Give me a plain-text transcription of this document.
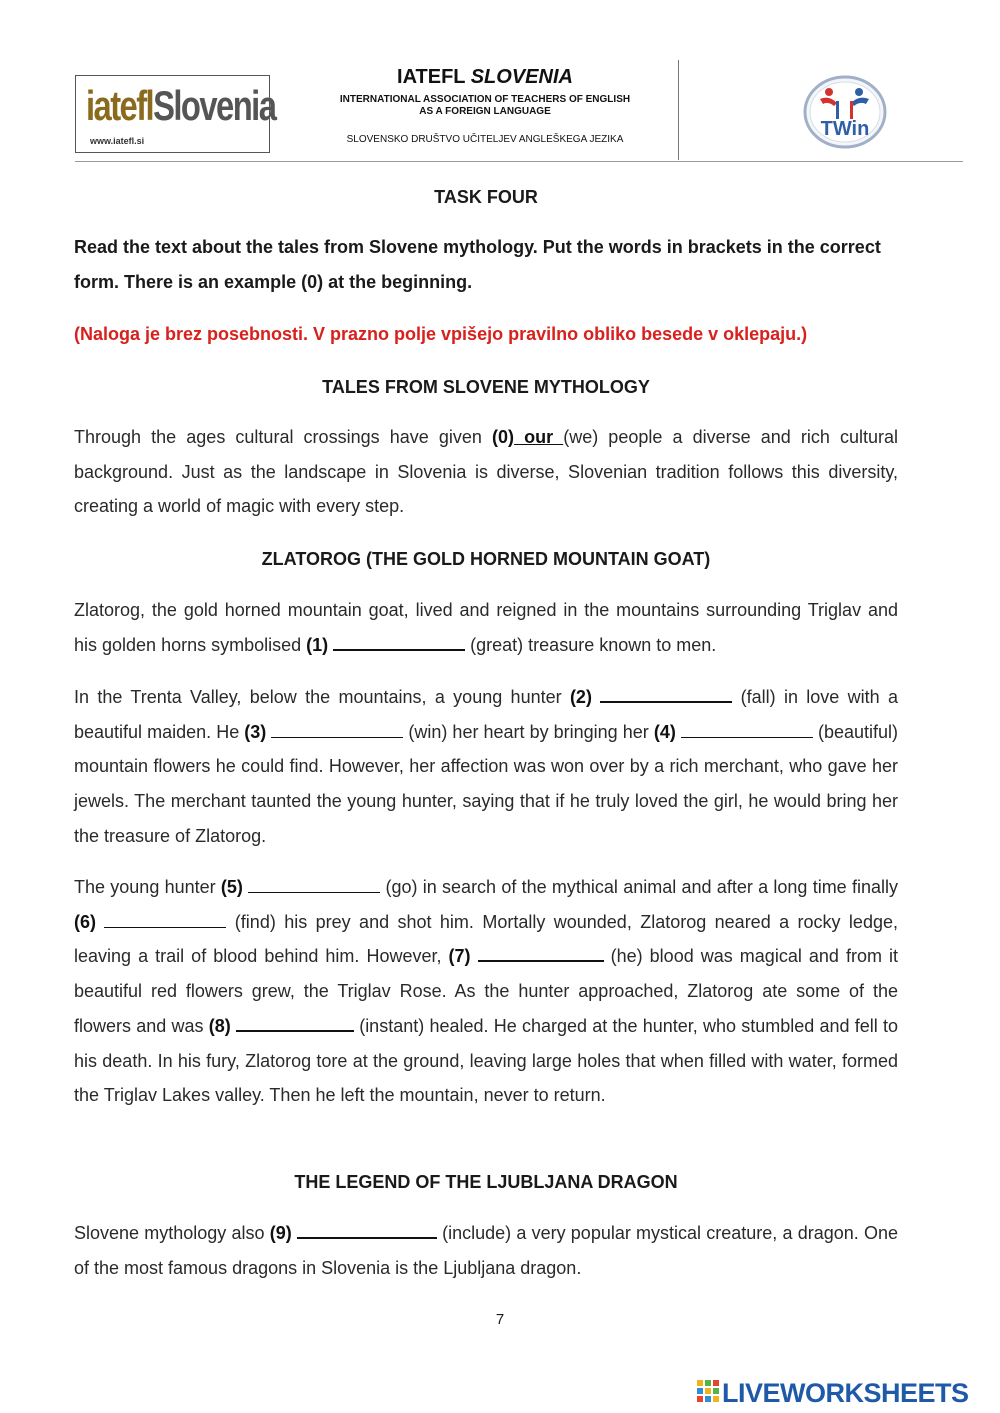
iateflSlovenia
www.iatefl.si
IATEFL SLOVENIA
INTERNATIONAL ASSOCIATION OF TEACHERS OF ENGLISH
AS A FOREIGN LANGUAGE
SLOVENSKO DRUŠTVO UČITELJEV ANGLEŠKEGA JEZIKA	TWin

TASK FOUR

Read the text about the tales from Slovene mythology. Put the words in brackets in the correct form. There is an example (0) at the beginning.

(Naloga je brez posebnosti. V prazno polje vpišejo pravilno obliko besede v oklepaju.)

TALES FROM SLOVENE MYTHOLOGY

Through the ages cultural crossings have given (0) our (we) people a diverse and rich cultural background. Just as the landscape in Slovenia is diverse, Slovenian tradition follows this diversity, creating a world of magic with every step.

ZLATOROG (THE GOLD HORNED MOUNTAIN GOAT)

Zlatorog, the gold horned mountain goat, lived and reigned in the mountains surrounding Triglav and his golden horns symbolised (1)	(great) treasure known to men.

In the Trenta Valley, below the mountains, a young hunter (2)	(fall) in love with a beautiful maiden. He (3)	(win) her heart by bringing her (4)	(beautiful) mountain flowers he could find. However, her affection was won over by a rich merchant, who gave her jewels. The merchant taunted the young hunter, saying that if he truly loved the girl, he would bring her the treasure of Zlatorog.

The young hunter (5)	(go) in search of the mythical animal and after a long time finally (6)	(find) his prey and shot him. Mortally wounded, Zlatorog neared a rocky ledge, leaving a trail of blood behind him. However, (7)	(he) blood was magical and from it beautiful red flowers grew, the Triglav Rose. As the hunter approached, Zlatorog ate some of the flowers and was (8)	(instant) healed. He charged at the hunter, who stumbled and fell to his death. In his fury, Zlatorog tore at the ground, leaving large holes that when filled with water, formed the Triglav Lakes valley. Then he left the mountain, never to return.

THE LEGEND OF THE LJUBLJANA DRAGON

Slovene mythology also (9)	(include) a very popular mystical creature, a dragon. One of the most famous dragons in Slovenia is the Ljubljana dragon.

7
LIVEWORKSHEETS
